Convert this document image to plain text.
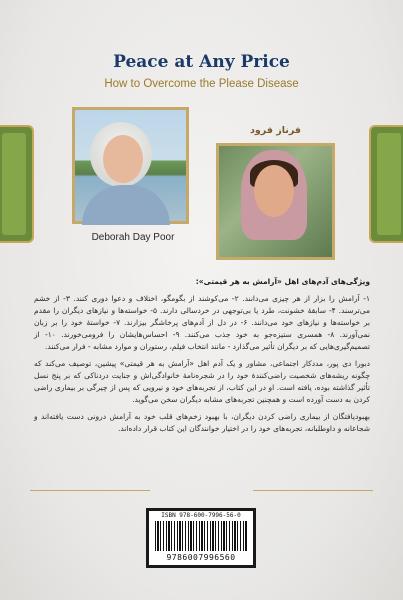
Peace at Any Price
How to Overcome the Please Disease
Deborah Day Poor
فرناز فرود

ویژگی‌های آدم‌های اهل «آرامش به هر قیمتی»:

۱- آرامش را بزار از هر چیزی می‌دانند. ۲- می‌کوشند از بگومگو، اختلاف و دعوا دوری کنند. ۳- از خشم می‌ترسند. ۴- سابقهٔ خشونت، طرد یا بی‌توجهی در خردسالی دارند. ۵- خواسته‌ها و نیازهای دیگران را مقدم بر خواسته‌ها و نیازهای خود می‌دانند. ۶- در دل از آدم‌های پرخاشگر بیزارند. ۷- خواستهٔ خود را بر زبان نمی‌آورند. ۸- همسری ستیزه‌جو به خود جذب می‌کنند. ۹- احساس‌هایشان را فرومی‌خورند. ۱۰- از تصمیم‌گیری‌هایی که بر دیگران تأثیر می‌گذارد - مانند انتخاب فیلم، رستوران و موارد مشابه - فرار می‌کنند.

دبورا دی پور، مددکار اجتماعی، مشاور و یک آدم اهل «آرامش به هر قیمتی» پیشین، توصیف می‌کند که چگونه ریشه‌های شخصیت راضی‌کنندهٔ خود را در شجره‌نامهٔ خانوادگی‌اش و جنایت دردناکی که بر پنج نسل تأثیر گذاشته بوده، یافته است. او در این کتاب، از تجربه‌های خود و نیرویی که پس از چیرگی بر بیماری راضی کردن به دست آورده است و همچنین تجربه‌های مشابه دیگران سخن می‌گوید.

بهبودیافتگان از بیماری راضی کردن دیگران، با بهبود زخم‌های قلب خود به آرامش درونی دست یافته‌اند و شجاعانه و داوطلبانه، تجربه‌های خود را در اختیار خوانندگان این کتاب قرار داده‌اند.

ISBN 978-600-7996-56-0
9786007996560
